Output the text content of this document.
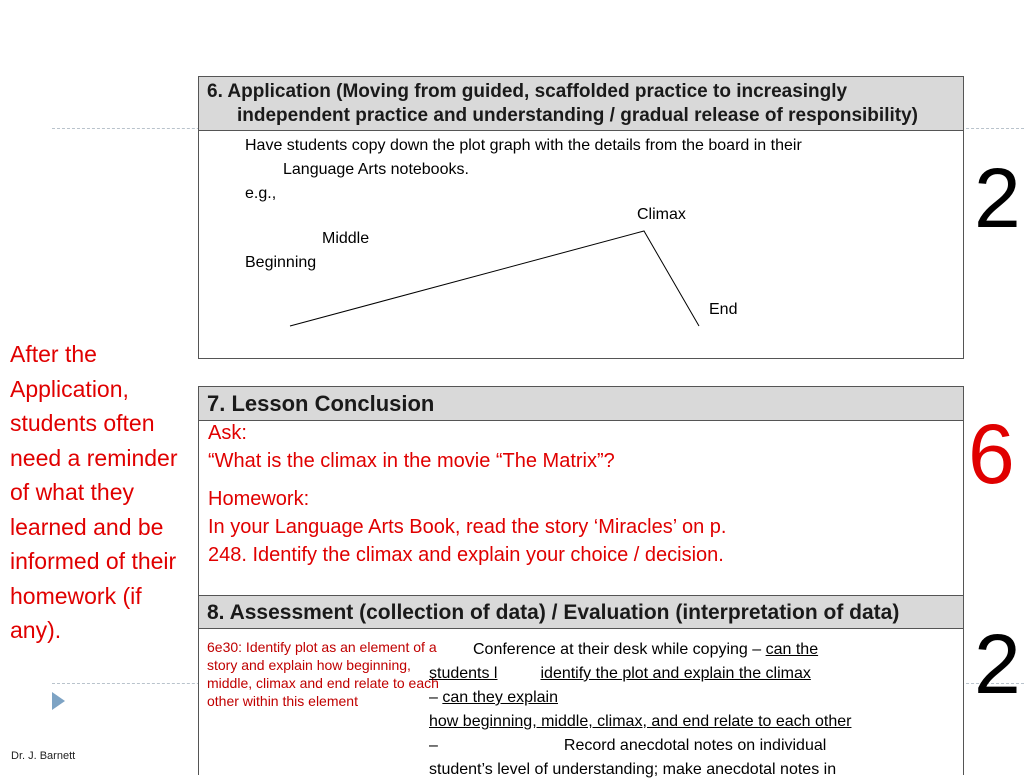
6. Application (Moving from guided, scaffolded practice to increasingly
independent practice and understanding / gradual release of responsibility)
Have students copy down the plot graph with the details from the board in their
Language Arts notebooks.
e.g.,
Climax
Middle
Beginning
End
7. Lesson Conclusion
Ask:
“What is the climax in the movie “The Matrix”?
Homework:
In your Language Arts Book, read the story ‘Miracles’ on p.
248. Identify the climax and explain your choice / decision.
8. Assessment (collection of data) / Evaluation (interpretation of data)
6e30: Identify plot as an element of a story and explain how beginning, middle, climax and end relate to each other within this element
Conference at their desk while copying – can the
students l	identify the plot and explain the climax
– can they explain
how beginning, middle, climax, and end relate to each other
–	Record anecdotal notes on individual
student’s level of understanding; make anecdotal notes in
After the Application, students often need a reminder of what they learned and be informed of their homework (if any).
2
6
2
Dr. J. Barnett
